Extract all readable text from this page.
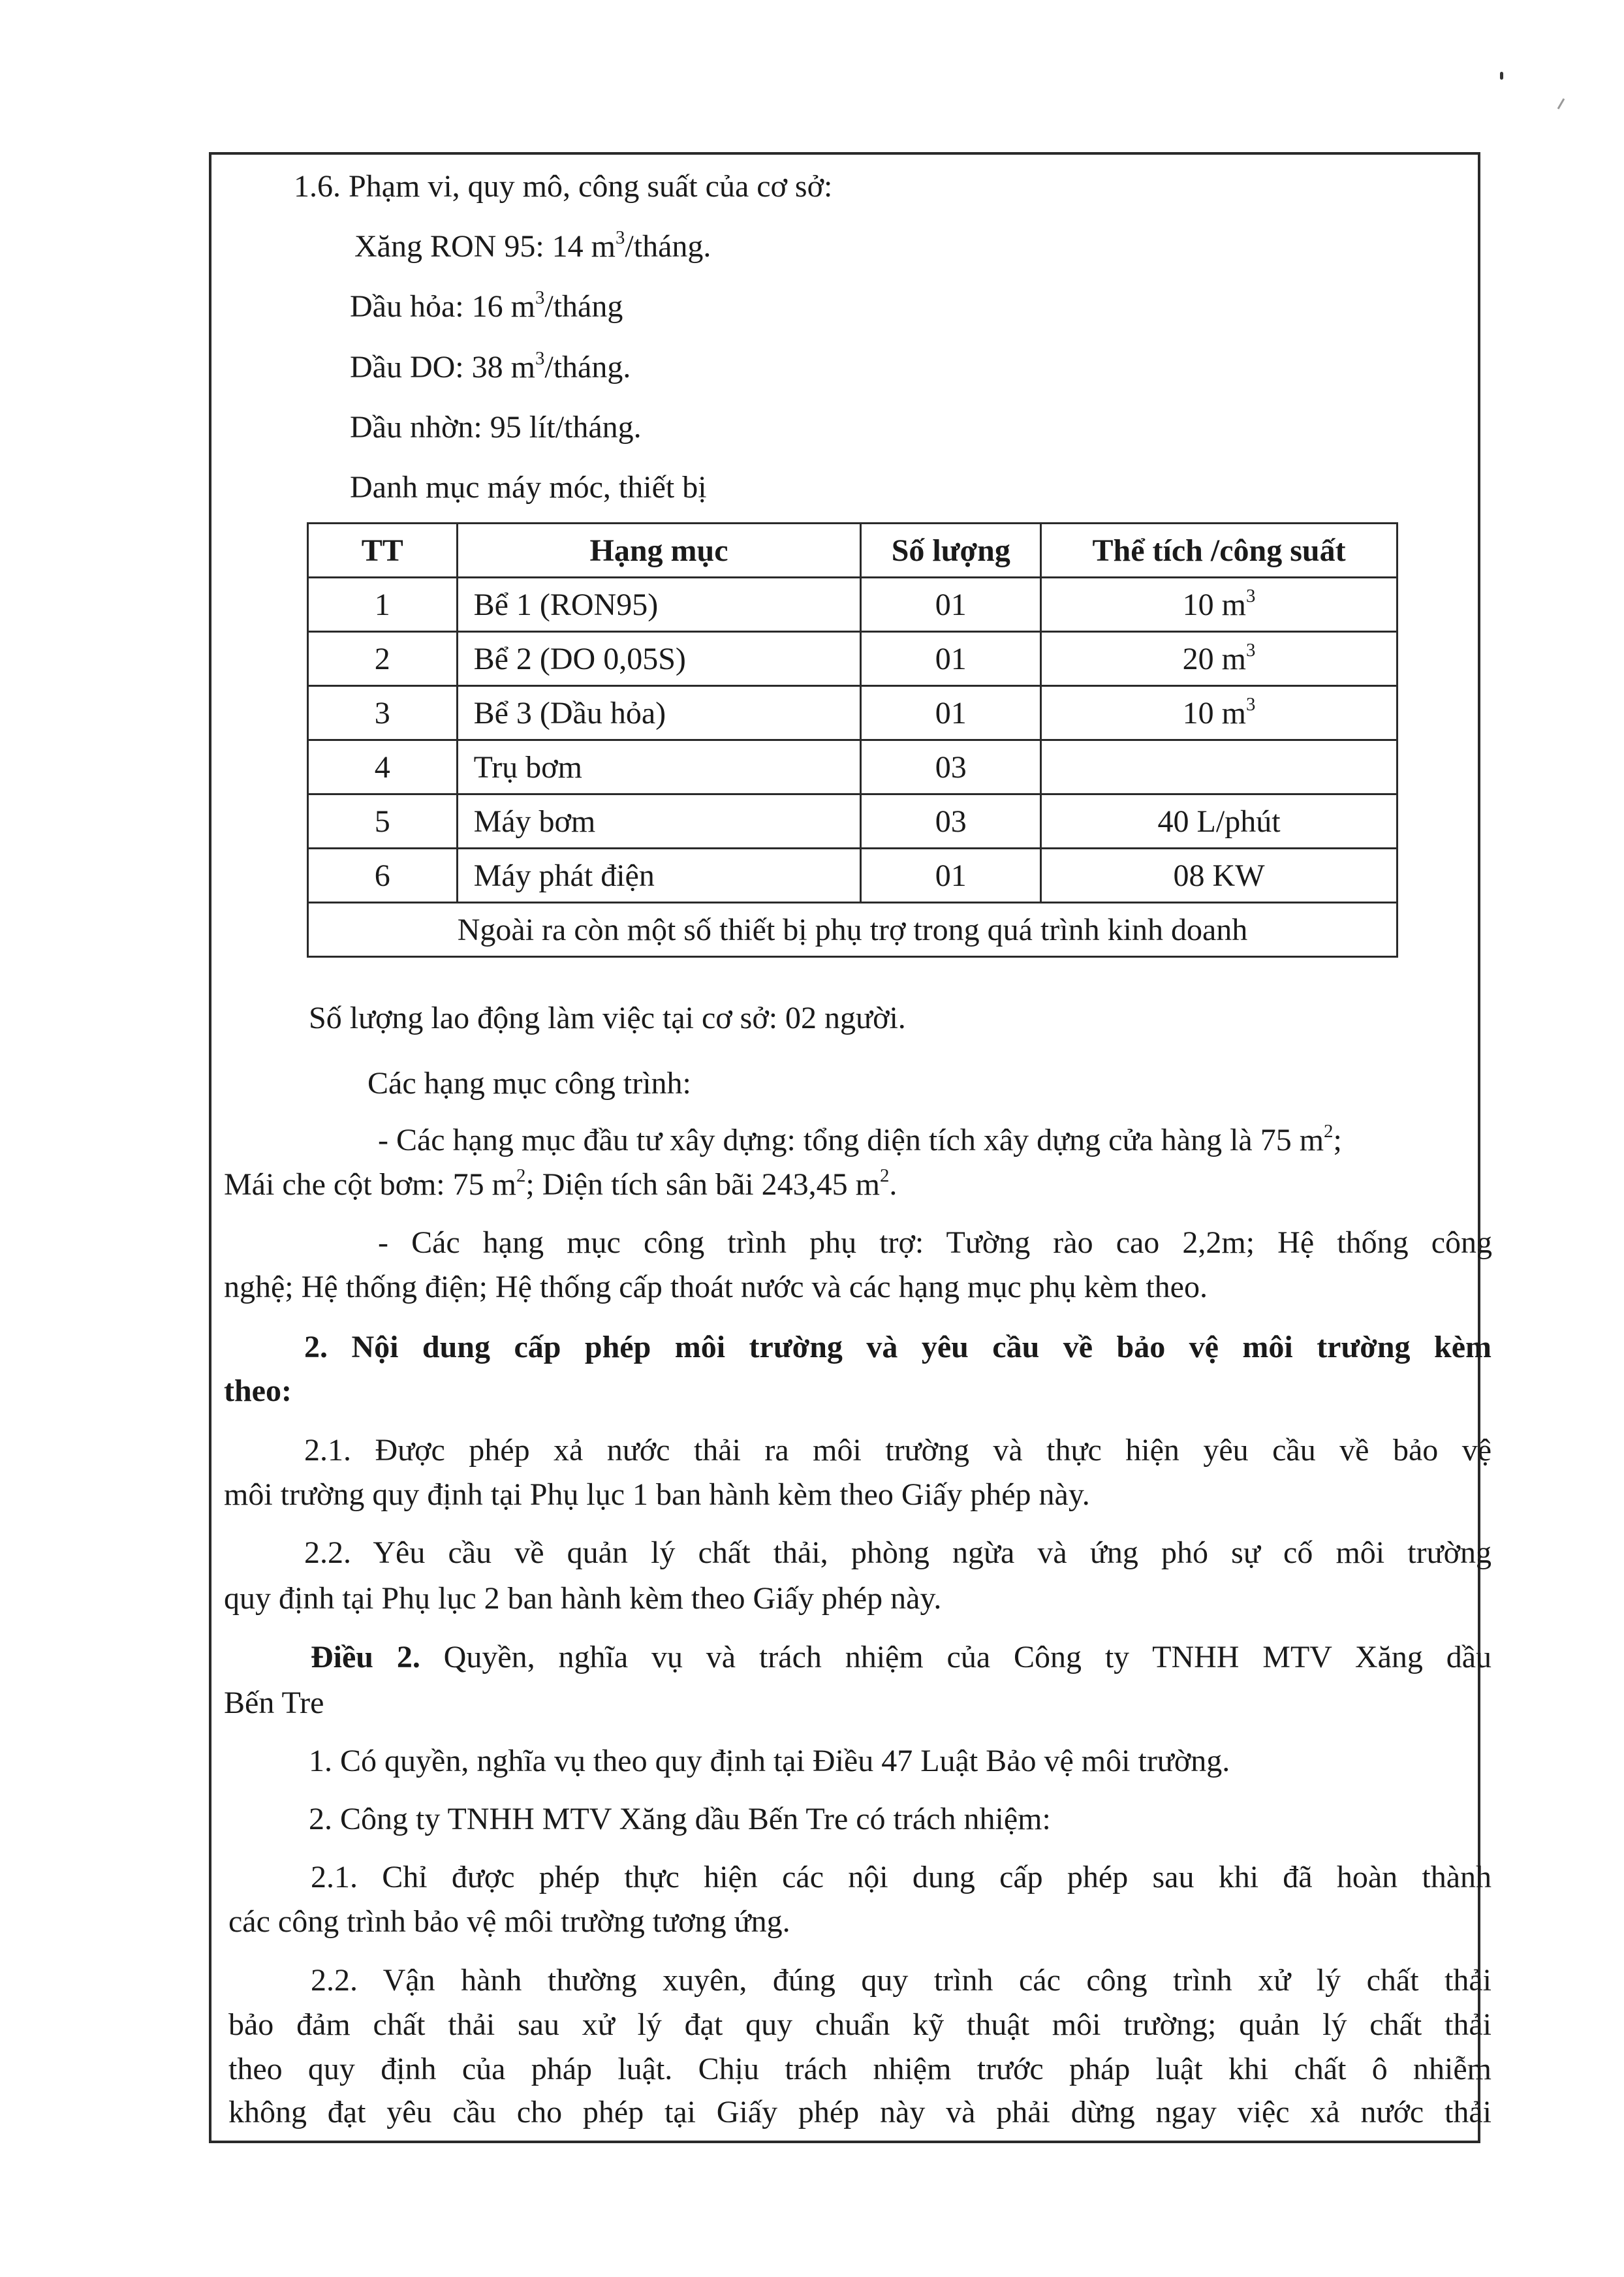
1.6. Phạm vi, quy mô, công suất của cơ sở:
Xăng RON 95: 14 $m^3$/tháng.
Dầu hỏa: 16 $m^3$/tháng
Dầu DO: 38 $m^3$/tháng.
Dầu nhờn: 95 lít/tháng.
Danh mục máy móc, thiết bị
TT	Hạng mục	Số lượng	Thể tích /công suất
1	Bể 1 (RON95)	01	10 $m^3$
2	Bể 2 (DO 0,05S)	01	20 $m^3$
3	Bể 3 (Dầu hỏa)	01	10 $m^3$
4	Trụ bơm	03	
5	Máy bơm	03	40 L/phút
6	Máy phát điện	01	08 KW
Ngoài ra còn một số thiết bị phụ trợ trong quá trình kinh doanh			
Số lượng lao động làm việc tại cơ sở: 02 người.
Các hạng mục công trình:
- Các hạng mục đầu tư xây dựng: tổng diện tích xây dựng cửa hàng là 75 $m^2$;
Mái che cột bơm: 75 $m^2$; Diện tích sân bãi 243,45 $m^2$.
- Các hạng mục công trình phụ trợ: Tường rào cao 2,2m; Hệ thống công
nghệ; Hệ thống điện; Hệ thống cấp thoát nước và các hạng mục phụ kèm theo.
2. Nội dung cấp phép môi trường và yêu cầu về bảo vệ môi trường kèm
theo:
2.1. Được phép xả nước thải ra môi trường và thực hiện yêu cầu về bảo vệ
môi trường quy định tại Phụ lục 1 ban hành kèm theo Giấy phép này.
2.2. Yêu cầu về quản lý chất thải, phòng ngừa và ứng phó sự cố môi trường
quy định tại Phụ lục 2 ban hành kèm theo Giấy phép này.
Điều 2. Quyền, nghĩa vụ và trách nhiệm của Công ty TNHH MTV Xăng dầu
Bến Tre
1. Có quyền, nghĩa vụ theo quy định tại Điều 47 Luật Bảo vệ môi trường.
2. Công ty TNHH MTV Xăng dầu Bến Tre có trách nhiệm:
2.1. Chỉ được phép thực hiện các nội dung cấp phép sau khi đã hoàn thành
các công trình bảo vệ môi trường tương ứng.
2.2. Vận hành thường xuyên, đúng quy trình các công trình xử lý chất thải
bảo đảm chất thải sau xử lý đạt quy chuẩn kỹ thuật môi trường; quản lý chất thải
theo quy định của pháp luật. Chịu trách nhiệm trước pháp luật khi chất ô nhiễm
không đạt yêu cầu cho phép tại Giấy phép này và phải dừng ngay việc xả nước thải
